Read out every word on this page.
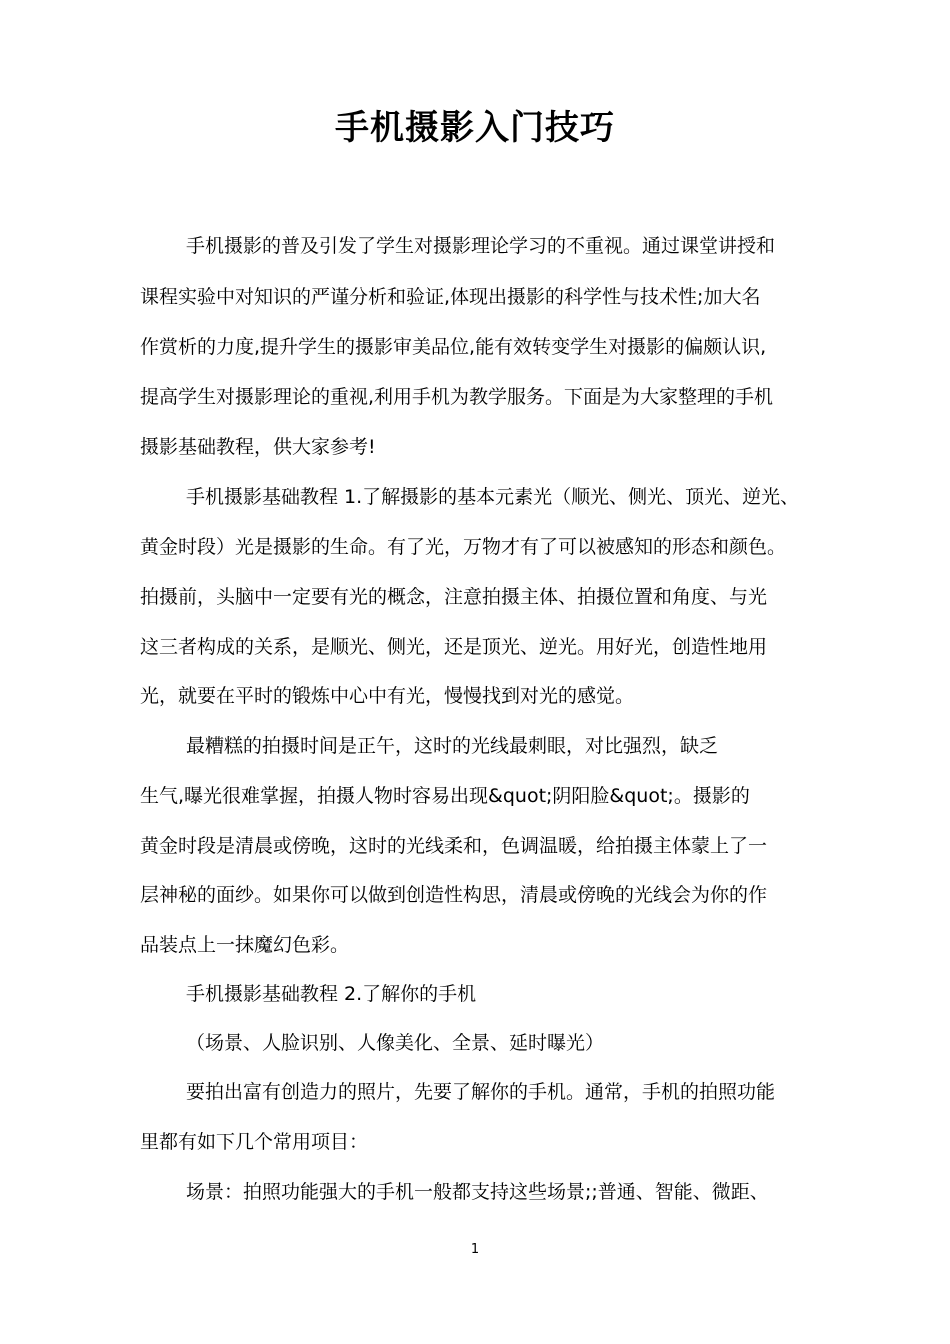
手机摄影入门技巧
手机摄影的普及引发了学生对摄影理论学习的不重视。通过课堂讲授和
课程实验中对知识的严谨分析和验证,体现出摄影的科学性与技术性;加大名
作赏析的力度,提升学生的摄影审美品位,能有效转变学生对摄影的偏颇认识,
提高学生对摄影理论的重视,利用手机为教学服务。下面是为大家整理的手机
摄影基础教程，供大家参考!
手机摄影基础教程 1.了解摄影的基本元素光（顺光、侧光、顶光、逆光、
黄金时段）光是摄影的生命。有了光，万物才有了可以被感知的形态和颜色。
拍摄前，头脑中一定要有光的概念，注意拍摄主体、拍摄位置和角度、与光
这三者构成的关系，是顺光、侧光，还是顶光、逆光。用好光，创造性地用
光，就要在平时的锻炼中心中有光，慢慢找到对光的感觉。
最糟糕的拍摄时间是正午，这时的光线最刺眼，对比强烈，缺乏
生气,曝光很难掌握，拍摄人物时容易出现&quot;阴阳脸&quot;。摄影的
黄金时段是清晨或傍晚，这时的光线柔和，色调温暖，给拍摄主体蒙上了一
层神秘的面纱。如果你可以做到创造性构思，清晨或傍晚的光线会为你的作
品装点上一抹魔幻色彩。
手机摄影基础教程 2.了解你的手机
（场景、人脸识别、人像美化、全景、延时曝光）
要拍出富有创造力的照片，先要了解你的手机。通常，手机的拍照功能
里都有如下几个常用项目：
场景：拍照功能强大的手机一般都支持这些场景;;普通、智能、微距、
1
